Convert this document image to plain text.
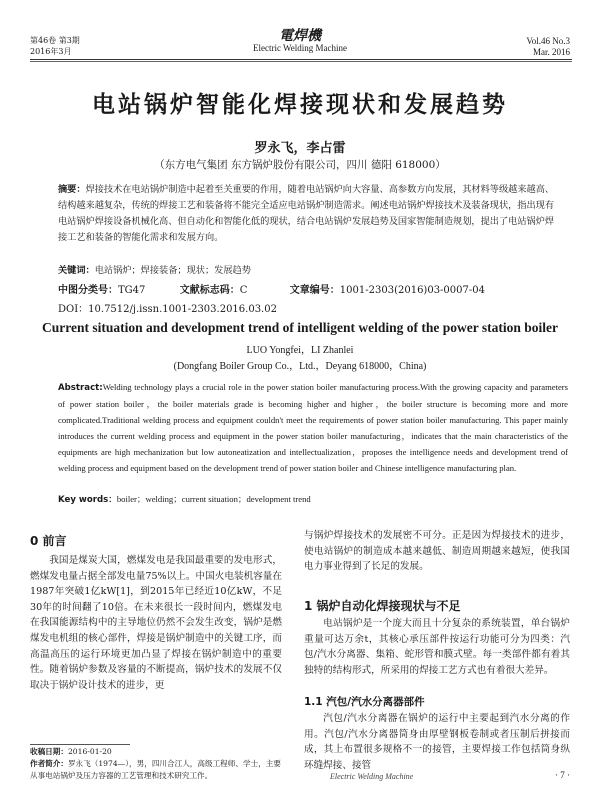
第46卷 第3期
2016年3月
電焊機
Electric Welding Machine
Vol.46 No.3
Mar. 2016
电站锅炉智能化焊接现状和发展趋势
罗永飞，李占雷
（东方电气集团 东方锅炉股份有限公司，四川 德阳 618000）
摘要：焊接技术在电站锅炉制造中起着至关重要的作用，随着电站锅炉向大容量、高参数方向发展，其材料等级越来越高、结构越来越复杂，传统的焊接工艺和装备将不能完全适应电站锅炉制造需求。阐述电站锅炉焊接技术及装备现状，指出现有电站锅炉焊接设备机械化高、但自动化和智能化低的现状，结合电站锅炉发展趋势及国家智能制造规划，提出了电站锅炉焊接工艺和装备的智能化需求和发展方向。
关键词：电站锅炉；焊接装备；现状；发展趋势
中图分类号：TG47	文献标志码：C	文章编号：1001-2303(2016)03-0007-04
DOI：10.7512/j.issn.1001-2303.2016.03.02
Current situation and development trend of intelligent welding of the power station boiler
LUO Yongfei，LI Zhanlei
(Dongfang Boiler Group Co.，Ltd.，Deyang 618000，China)
Abstract:Welding technology plays a crucial role in the power station boiler manufacturing process.With the growing capacity and parameters of power station boiler，the boiler materials grade is becoming higher and higher，the boiler structure is becoming more and more complicated.Traditional welding process and equipment couldn't meet the requirements of power station boiler manufacturing. This paper mainly introduces the current welding process and equipment in the power station boiler manufacturing，indicates that the main characteristics of the equipments are high mechanization but low autoneatization and intellectualization，proposes the intelligence needs and development trend of welding process and equipment based on the development trend of power station boiler and Chinese intelligence manufacturing plan.
Key words：boiler；welding；current situation；development trend
0 前言

我国是煤炭大国，燃煤发电是我国最重要的发电形式，燃煤发电量占据全部发电量75%以上。中国火电装机容量在1987年突破1亿kW[1]，到2015年已经近10亿kW，不足30年的时间翻了10倍。在未来很长一段时间内，燃煤发电在我国能源结构中的主导地位仍然不会发生改变，锅炉是燃煤发电机组的核心部件，焊接是锅炉制造中的关键工序，而高温高压的运行环境更加凸显了焊接在锅炉制造中的重要性。随着锅炉参数及容量的不断提高，锅炉技术的发展不仅取决于锅炉设计技术的进步，更

收稿日期：2016-01-20
作者简介：罗永飞（1974—），男，四川合江人，高级工程师、学士，主要从事电站锅炉及压力容器的工艺管理和技术研究工作。

与锅炉焊接技术的发展密不可分。正是因为焊接技术的进步，使电站锅炉的制造成本越来越低、制造周期越来越短，使我国电力事业得到了长足的发展。

1 锅炉自动化焊接现状与不足

电站锅炉是一个庞大而且十分复杂的系统装置，单台锅炉重量可达万余t，其核心承压部件按运行功能可分为四类：汽包/汽水分离器、集箱、蛇形管和膜式壁。每一类部件都有着其独特的结构形式，所采用的焊接工艺方式也有着很大差异。

1.1 汽包/汽水分离器部件

汽包/汽水分离器在锅炉的运行中主要起到汽水分离的作用。汽包/汽水分离器筒身由厚壁钢板卷制或者压制后拼接而成，其上布置很多规格不一的接管，主要焊接工作包括筒身纵环缝焊接、接管

Electric Welding Machine	· 7 ·
